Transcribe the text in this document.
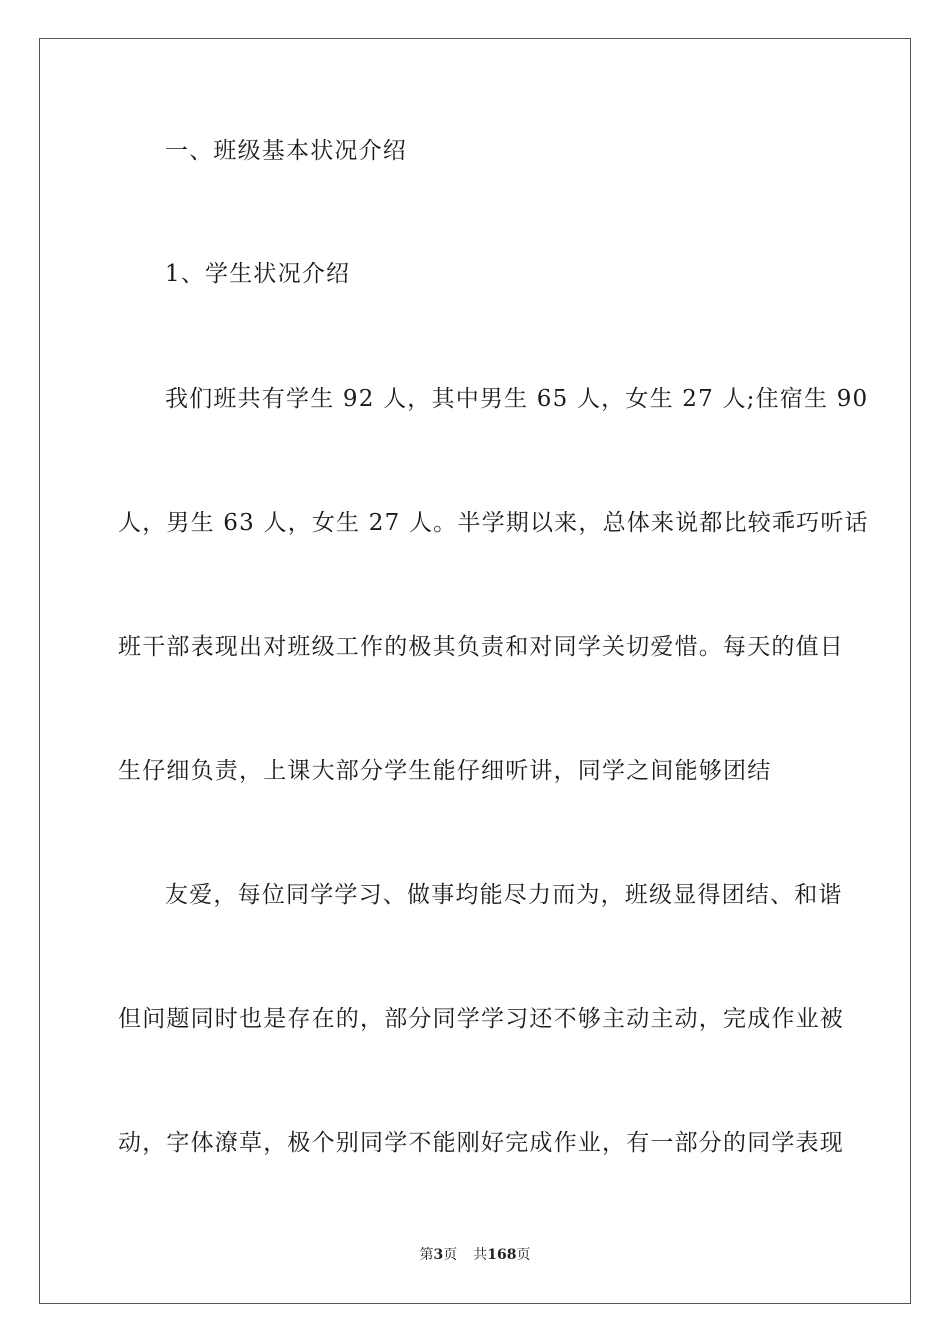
一、班级基本状况介绍
1、学生状况介绍
我们班共有学生 92 人，其中男生 65 人，女生 27 人;住宿生 90
人，男生 63 人，女生 27 人。半学期以来，总体来说都比较乖巧听话
班干部表现出对班级工作的极其负责和对同学关切爱惜。每天的值日
生仔细负责，上课大部分学生能仔细听讲，同学之间能够团结
友爱，每位同学学习、做事均能尽力而为，班级显得团结、和谐
但问题同时也是存在的，部分同学学习还不够主动主动，完成作业被
动，字体潦草，极个别同学不能刚好完成作业，有一部分的同学表现
第3页 共168页
